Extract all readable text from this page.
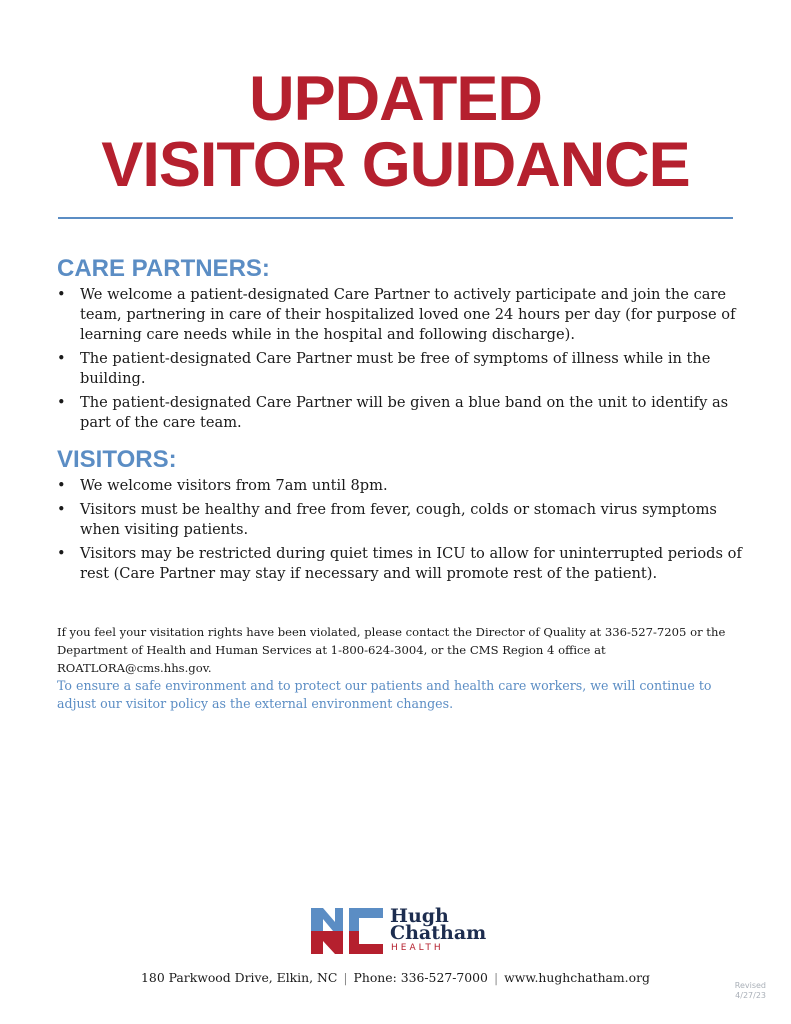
UPDATED
VISITOR GUIDANCE
CARE PARTNERS:
• We welcome a patient-designated Care Partner to actively participate and join the care team, partnering in care of their hospitalized loved one 24 hours per day (for purpose of learning care needs while in the hospital and following discharge).
• The patient-designated Care Partner must be free of symptoms of illness while in the building.
• The patient-designated Care Partner will be given a blue band on the unit to identify as part of the care team.
VISITORS:
• We welcome visitors from 7am until 8pm.
• Visitors must be healthy and free from fever, cough, colds or stomach virus symptoms when visiting patients.
• Visitors may be restricted during quiet times in ICU to allow for uninterrupted periods of rest (Care Partner may stay if necessary and will promote rest of the patient).

If you feel your visitation rights have been violated, please contact the Director of Quality at 336-527-7205 or the Department of Health and Human Services at 1-800-624-3004, or the CMS Region 4 office at ROATLORA@cms.hhs.gov.

To ensure a safe environment and to protect our patients and health care workers, we will continue to adjust our visitor policy as the external environment changes.

Hugh
Chatham
HEALTH
180 Parkwood Drive, Elkin, NC | Phone: 336-527-7000 | www.hughchatham.org
Revised
4/27/23
